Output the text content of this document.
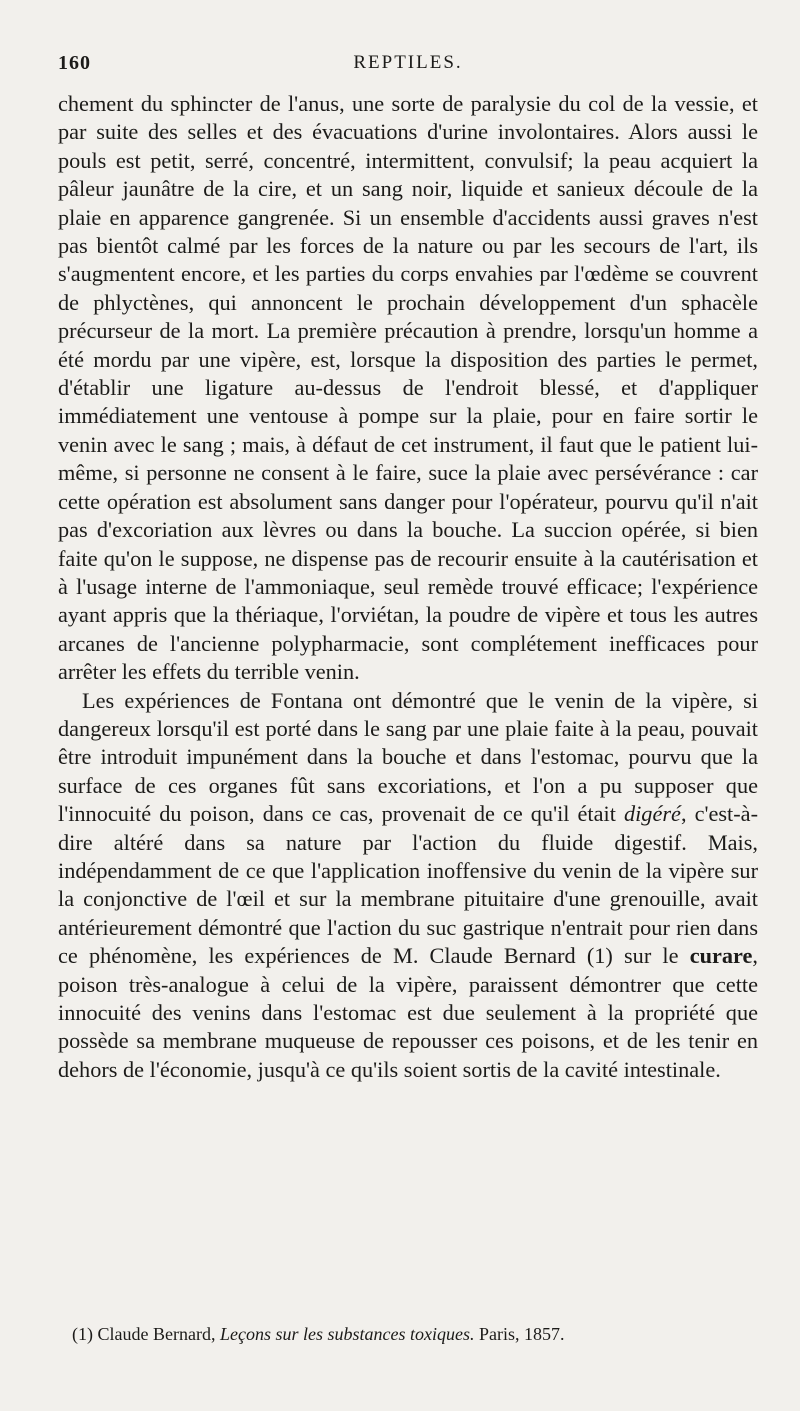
160	REPTILES.

chement du sphincter de l'anus, une sorte de paralysie du col de la vessie, et par suite des selles et des évacuations d'urine involontaires. Alors aussi le pouls est petit, serré, concentré, intermittent, convulsif; la peau acquiert la pâleur jaunâtre de la cire, et un sang noir, liquide et sanieux découle de la plaie en apparence gangrenée. Si un ensemble d'accidents aussi graves n'est pas bientôt calmé par les forces de la nature ou par les secours de l'art, ils s'augmentent encore, et les parties du corps envahies par l'œdème se couvrent de phlyctènes, qui annoncent le prochain développement d'un sphacèle précurseur de la mort. La première précaution à prendre, lorsqu'un homme a été mordu par une vipère, est, lorsque la disposition des parties le permet, d'établir une ligature au-dessus de l'endroit blessé, et d'appliquer immédiatement une ventouse à pompe sur la plaie, pour en faire sortir le venin avec le sang ; mais, à défaut de cet instrument, il faut que le patient lui-même, si personne ne consent à le faire, suce la plaie avec persévérance : car cette opération est absolument sans danger pour l'opérateur, pourvu qu'il n'ait pas d'excoriation aux lèvres ou dans la bouche. La succion opérée, si bien faite qu'on le suppose, ne dispense pas de recourir ensuite à la cautérisation et à l'usage interne de l'ammoniaque, seul remède trouvé efficace; l'expérience ayant appris que la thériaque, l'orviétan, la poudre de vipère et tous les autres arcanes de l'ancienne polypharmacie, sont complétement inefficaces pour arrêter les effets du terrible venin.

Les expériences de Fontana ont démontré que le venin de la vipère, si dangereux lorsqu'il est porté dans le sang par une plaie faite à la peau, pouvait être introduit impunément dans la bouche et dans l'estomac, pourvu que la surface de ces organes fût sans excoriations, et l'on a pu supposer que l'innocuité du poison, dans ce cas, provenait de ce qu'il était digéré, c'est-à-dire altéré dans sa nature par l'action du fluide digestif. Mais, indépendamment de ce que l'application inoffensive du venin de la vipère sur la conjonctive de l'œil et sur la membrane pituitaire d'une grenouille, avait antérieurement démontré que l'action du suc gastrique n'entrait pour rien dans ce phénomène, les expériences de M. Claude Bernard (1) sur le curare, poison très-analogue à celui de la vipère, paraissent démontrer que cette innocuité des venins dans l'estomac est due seulement à la propriété que possède sa membrane muqueuse de repousser ces poisons, et de les tenir en dehors de l'économie, jusqu'à ce qu'ils soient sortis de la cavité intestinale.

(1) Claude Bernard, Leçons sur les substances toxiques. Paris, 1857.
